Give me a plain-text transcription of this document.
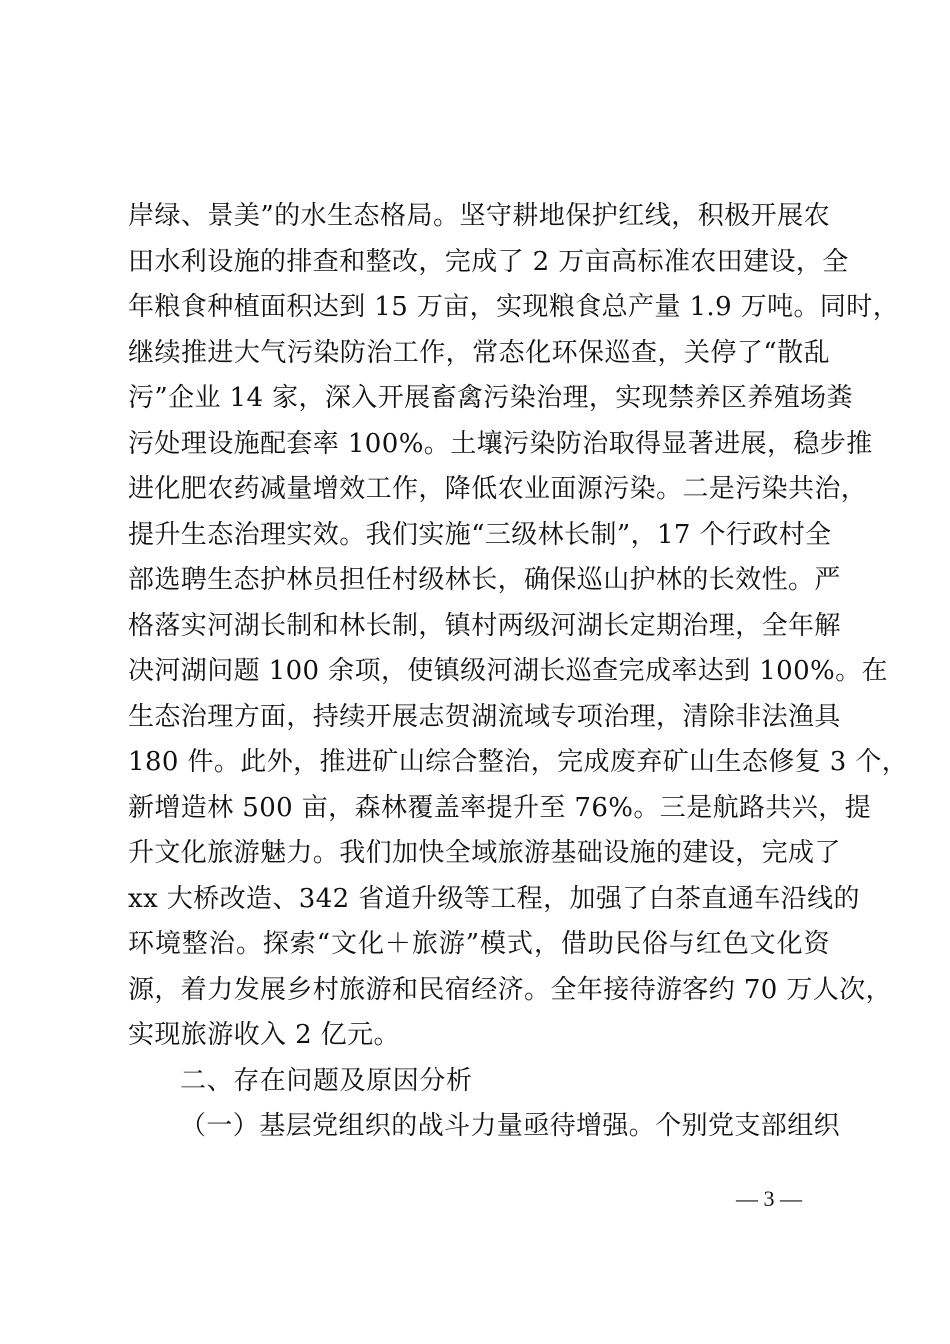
岸绿、景美”的水生态格局。坚守耕地保护红线，积极开展农
田水利设施的排查和整改，完成了 2 万亩高标准农田建设，全
年粮食种植面积达到 15 万亩，实现粮食总产量 1.9 万吨。同时，
继续推进大气污染防治工作，常态化环保巡查，关停了“散乱
污”企业 14 家，深入开展畜禽污染治理，实现禁养区养殖场粪
污处理设施配套率 100%。土壤污染防治取得显著进展，稳步推
进化肥农药减量增效工作，降低农业面源污染。二是污染共治，
提升生态治理实效。我们实施“三级林长制”，17 个行政村全
部选聘生态护林员担任村级林长，确保巡山护林的长效性。严
格落实河湖长制和林长制，镇村两级河湖长定期治理，全年解
决河湖问题 100 余项，使镇级河湖长巡查完成率达到 100%。在
生态治理方面，持续开展志贺湖流域专项治理，清除非法渔具
180 件。此外，推进矿山综合整治，完成废弃矿山生态修复 3 个，
新增造林 500 亩，森林覆盖率提升至 76%。三是航路共兴，提
升文化旅游魅力。我们加快全域旅游基础设施的建设，完成了
xx 大桥改造、342 省道升级等工程，加强了白茶直通车沿线的
环境整治。探索“文化＋旅游”模式，借助民俗与红色文化资
源，着力发展乡村旅游和民宿经济。全年接待游客约 70 万人次，
实现旅游收入 2 亿元。
二、存在问题及原因分析
（一）基层党组织的战斗力量亟待增强。个别党支部组织
— 3 —
